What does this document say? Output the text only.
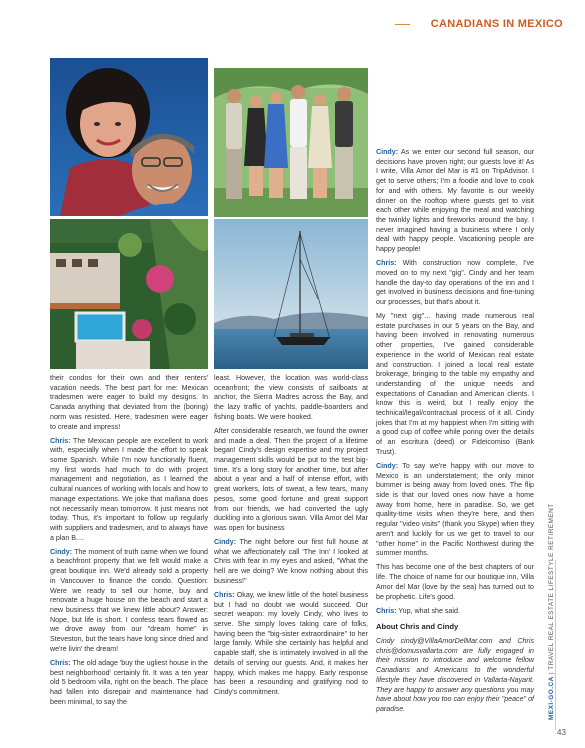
CANADIANS IN MEXICO

their condos for their own and their renters' vacation needs. The best part for me: Mexican tradesmen were eager to build my designs. In Canada anything that deviated from the (boring) norm was resisted. Here, tradesmen were eager to create and impress!

Chris: The Mexican people are excellent to work with, especially when I made the effort to speak some Spanish. While I'm now functionally fluent, my first words had much to do with project management and negotiation, as I learned the cultural nuances of working with locals and how to manage expectations. We joke that mañana does not necessarily mean tomorrow. It just means not today. Thus, it's important to follow up regularly with suppliers and tradesmen, and to always have a plan B....

Cindy: The moment of truth came when we found a beachfront property that we felt would make a great boutique inn. We'd already sold a property in Vancouver to finance the condo. Question: Were we ready to sell our home, buy and renovate a huge house on the beach and start a new business that we knew little about? Answer: Nope, but life is short. I confess tears flowed as we drove away from our "dream home" in Steveston, but the tears have long since dried and we're livin' the dream!

Chris: The old adage 'buy the ugliest house in the best neighborhood' certainly fit. It was a ten year old 5 bedroom villa, right on the beach. The place had fallen into disrepair and maintenance had been minimal, to say the

least. However, the location was world-class oceanfront; the view consists of sailboats at anchor, the Sierra Madres across the Bay, and the lazy traffic of yachts, paddle-boarders and fishing boats. We were hooked.

After considerable research, we found the owner and made a deal. Then the project of a lifetime began! Cindy's design expertise and my project management skills would be put to the test big-time. It's a long story for another time, but after about a year and a half of intense effort, with great workers, lots of sweat, a few tears, many pesos, some good fortune and great support from our friends, we had converted the ugly duckling into a glorious swan. Villa Amor del Mar was open for business

Cindy: The night before our first full house at what we affectionately call 'The Inn' I looked at Chris with fear in my eyes and asked, "What the hell are we doing? We know nothing about this business!"

Chris: Okay, we knew little of the hotel business but I had no doubt we would succeed. Our secret weapon: my lovely Cindy, who lives to serve. She simply loves taking care of folks, having been the "big-sister extraordinaire" to her large family. While she certainly has helpful and capable staff, she is intimately involved in all the details of serving our guests. And, it makes her happy, which makes me happy. Early response has been a resounding and gratifying nod to Cindy's commitment.

Cindy: As we enter our second full season, our decisions have proven right; our guests love it! As I write, Villa Amor del Mar is #1 on TripAdvisor. I get to serve others; I'm a foodie and love to cook for and with others. My favorite is our weekly dinner on the rooftop where guests get to visit each other while enjoying the meal and watching the twinkly lights and fireworks around the bay. I never imagined having a business where I only deal with happy people. Vacationing people are happy people!

Chris: With construction now complete, I've moved on to my next "gig". Cindy and her team handle the day-to day operations of the inn and I get involved in business decisions and fine-tuning our processes, but that's about it.

My "next gig"... having made numerous real estate purchases in our 5 years on the Bay, and having been involved in renovating numerous other properties, I've gained considerable experience in the world of Mexican real estate and construction. I joined a local real estate brokerage, bringing to the table my empathy and understanding of the unique needs and expectations of Canadian and American clients. I know this is weird, but I really enjoy the technical/legal/contractual process of it all. Cindy jokes that I'm at my happiest when I'm sitting with a good cup of coffee while poring over the details of an escritura (deed) or Fideicomiso (Bank Trust).

Cindy: To say we're happy with our move to Mexico is an understatement; the only minor bummer is being away from loved ones. The flip side is that our loved ones now have a home away from home, here in paradise. So, we get quality-time visits when they're here, and then regular "video visits" (thank you Skype) when they aren't and luckily for us we get to travel to our "other home" in the Pacific Northwest during the summer months.

This has become one of the best chapters of our life. The choice of name for our boutique inn, Villa Amor del Mar (love by the sea) has turned out to be prophetic. Life's good.

Chris: Yup, what she said.

About Chris and Cindy

Cindy cindy@VillaAmorDelMar.com and Chris chris@domusvallarta.com are fully engaged in their mission to introduce and welcome fellow Canadians and Americans to the wonderful lifestyle they have discovered in Vallarta-Nayarit. They are happy to answer any questions you may have about how you too can enjoy their "peace" of paradise.	MEXI-GO.CA | TRAVEL REAL ESTATE LIFESTYLE RETIREMENT
43
